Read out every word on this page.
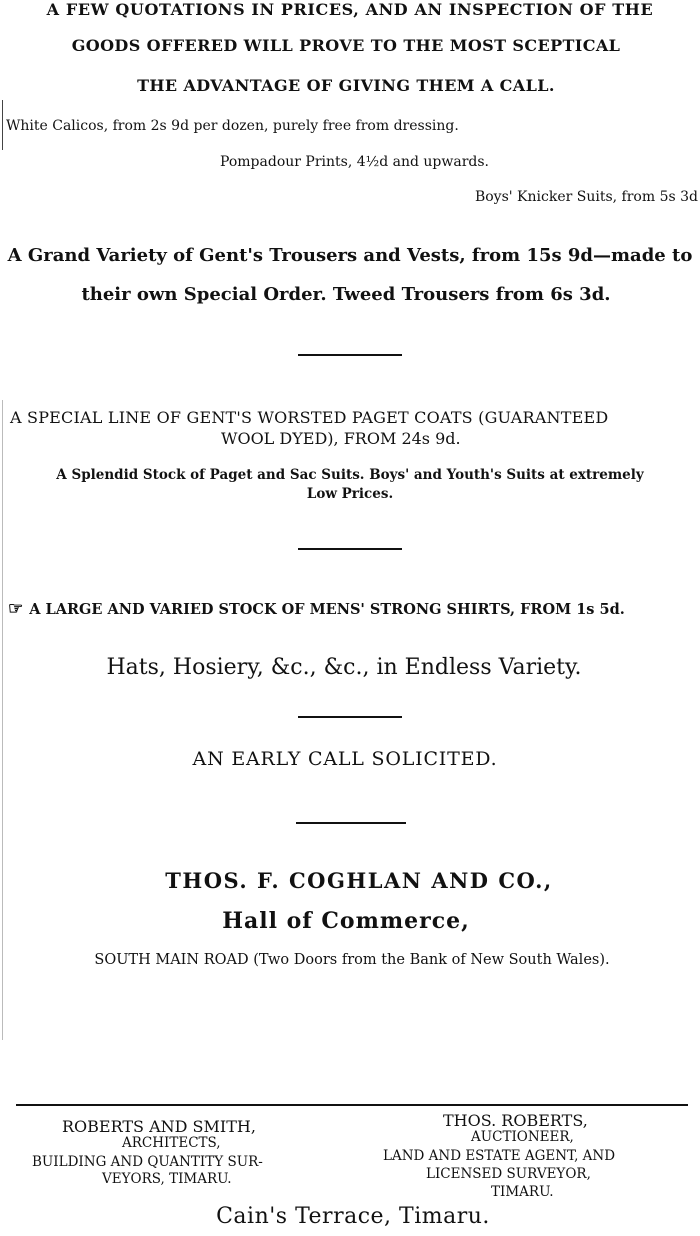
A FEW QUOTATIONS IN PRICES, AND AN INSPECTION OF THE
GOODS OFFERED WILL PROVE TO THE MOST SCEPTICAL
THE ADVANTAGE OF GIVING THEM A CALL.
White Calicos, from 2s 9d per dozen, purely free from dressing.
Pompadour Prints, 4½d and upwards.
Boys' Knicker Suits, from 5s 3d
A Grand Variety of Gent's Trousers and Vests, from 15s 9d—made to
their own Special Order. Tweed Trousers from 6s 3d.
A SPECIAL LINE OF GENT'S WORSTED PAGET COATS (GUARANTEED
WOOL DYED), FROM 24s 9d.
A Splendid Stock of Paget and Sac Suits. Boys' and Youth's Suits at extremely
Low Prices.
☞ A LARGE AND VARIED STOCK OF MENS' STRONG SHIRTS, FROM 1s 5d.
Hats, Hosiery, &c., &c., in Endless Variety.
AN EARLY CALL SOLICITED.
THOS. F. COGHLAN AND CO.,
Hall of Commerce,
SOUTH MAIN ROAD (Two Doors from the Bank of New South Wales).
ROBERTS AND SMITH,
ARCHITECTS,
BUILDING AND QUANTITY SUR-
VEYORS, TIMARU.
THOS. ROBERTS,
AUCTIONEER,
LAND AND ESTATE AGENT, AND
LICENSED SURVEYOR,
TIMARU.
Cain's Terrace, Timaru.
